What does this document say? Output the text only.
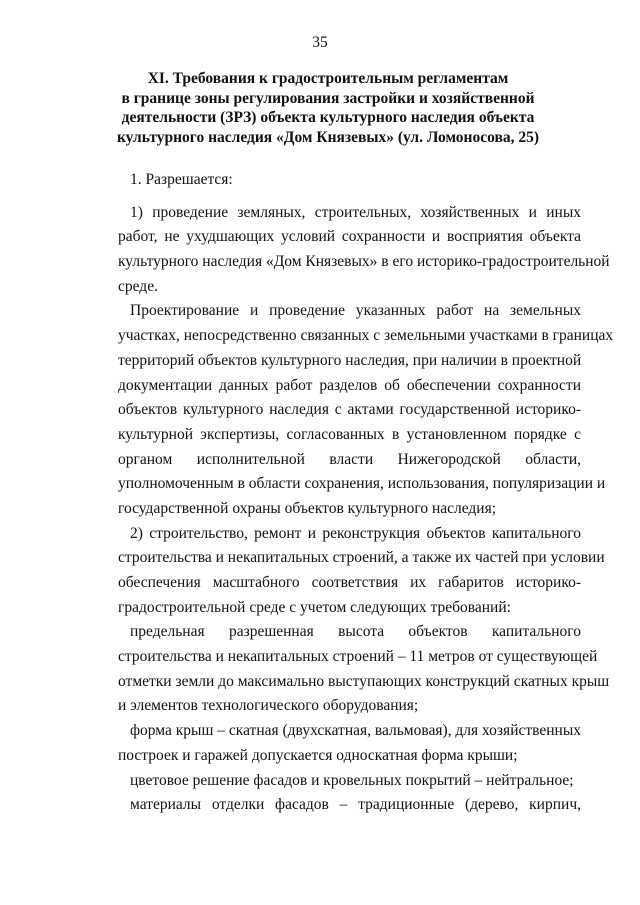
35
XI. Требования к градостроительным регламентам
в границе зоны регулирования застройки и хозяйственной
деятельности (ЗРЗ) объекта культурного наследия объекта
культурного наследия «Дом Князевых» (ул. Ломоносова, 25)
1. Разрешается:
1) проведение земляных, строительных, хозяйственных и иных
работ, не ухудшающих условий сохранности и восприятия объекта
культурного наследия «Дом Князевых» в его историко-градостроительной
среде.
Проектирование и проведение указанных работ на земельных
участках, непосредственно связанных с земельными участками в границах
территорий объектов культурного наследия, при наличии в проектной
документации данных работ разделов об обеспечении сохранности
объектов культурного наследия с актами государственной историко-
культурной экспертизы, согласованных в установленном порядке с
органом исполнительной власти Нижегородской области,
уполномоченным в области сохранения, использования, популяризации и
государственной охраны объектов культурного наследия;
2) строительство, ремонт и реконструкция объектов капитального
строительства и некапитальных строений, а также их частей при условии
обеспечения масштабного соответствия их габаритов историко-
градостроительной среде с учетом следующих требований:
предельная разрешенная высота объектов капитального
строительства и некапитальных строений – 11 метров от существующей
отметки земли до максимально выступающих конструкций скатных крыш
и элементов технологического оборудования;
форма крыш – скатная (двухскатная, вальмовая), для хозяйственных
построек и гаражей допускается односкатная форма крыши;
цветовое решение фасадов и кровельных покрытий – нейтральное;
материалы отделки фасадов – традиционные (дерево, кирпич,
